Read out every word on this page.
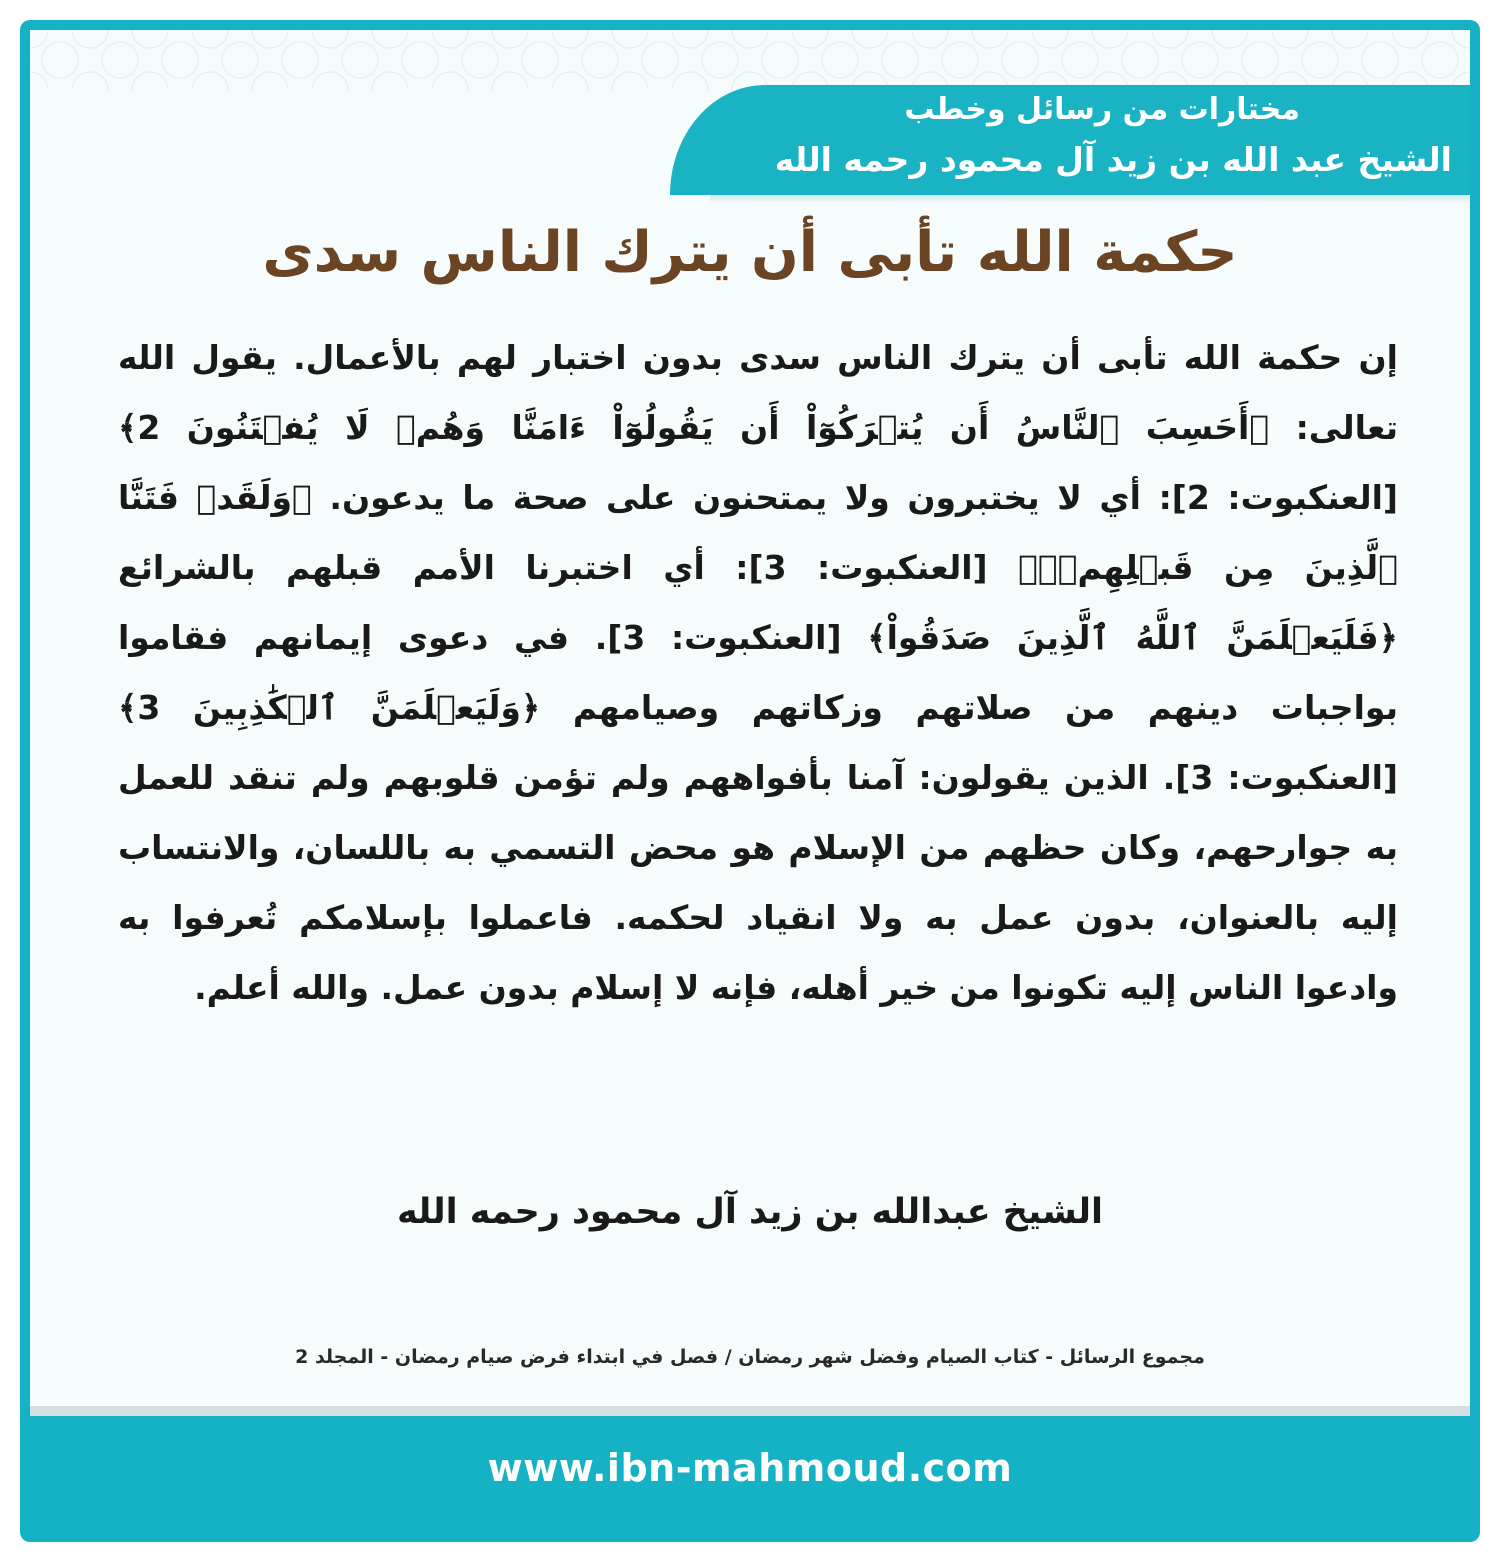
مختارات من رسائل وخطب
الشيخ عبد الله بن زيد آل محمود رحمه الله
حكمة الله تأبى أن يترك الناس سدى
إن حكمة الله تأبى أن يترك الناس سدى بدون اختبار لهم بالأعمال. يقول الله تعالى: ﴿أَحَسِبَ ٱلنَّاسُ أَن يُتۡرَكُوٓاْ أَن يَقُولُوٓاْ ءَامَنَّا وَهُمۡ لَا يُفۡتَنُونَ 2﴾ [العنكبوت: 2]: أي لا يختبرون ولا يمتحنون على صحة ما يدعون. ﴿وَلَقَدۡ فَتَنَّا ٱلَّذِينَ مِن قَبۡلِهِمۡۖ﴾ [العنكبوت: 3]: أي اختبرنا الأمم قبلهم بالشرائع ﴿فَلَيَعۡلَمَنَّ ٱللَّهُ ٱلَّذِينَ صَدَقُواْ﴾ [العنكبوت: 3]. في دعوى إيمانهم فقاموا بواجبات دينهم من صلاتهم وزكاتهم وصيامهم ﴿وَلَيَعۡلَمَنَّ ٱلۡكَٰذِبِينَ 3﴾ [العنكبوت: 3]. الذين يقولون: آمنا بأفواههم ولم تؤمن قلوبهم ولم تنقد للعمل به جوارحهم، وكان حظهم من الإسلام هو محض التسمي به باللسان، والانتساب إليه بالعنوان، بدون عمل به ولا انقياد لحكمه. فاعملوا بإسلامكم تُعرفوا به وادعوا الناس إليه تكونوا من خير أهله، فإنه لا إسلام بدون عمل. والله أعلم.
الشيخ عبدالله بن زيد آل محمود رحمه الله
مجموع الرسائل - كتاب الصيام وفضل شهر رمضان / فصل في ابتداء فرض صيام رمضان - المجلد 2
www.ibn-mahmoud.com
